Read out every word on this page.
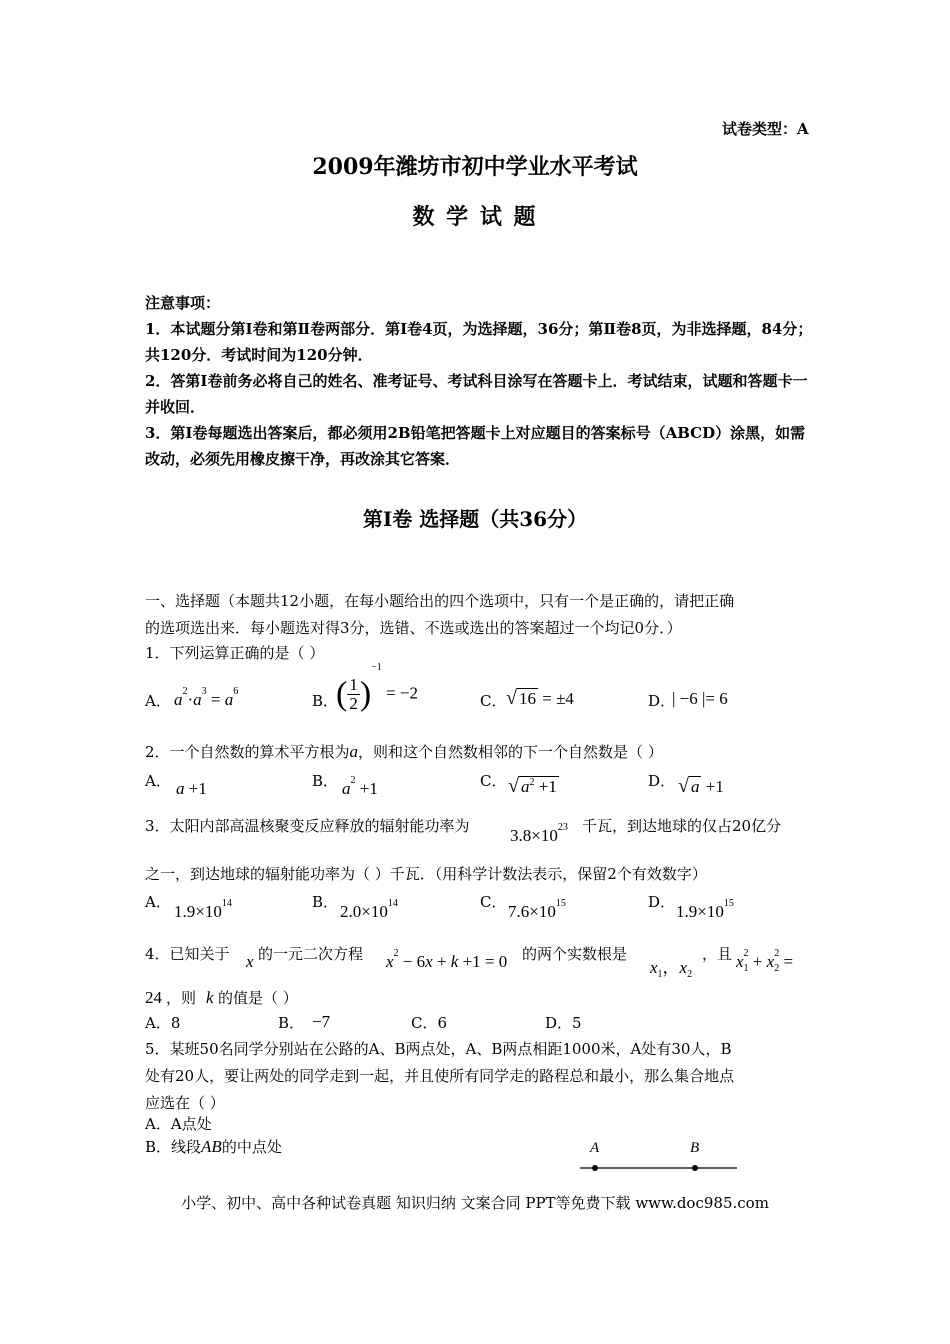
试卷类型：A
2009年潍坊市初中学业水平考试
数 学 试 题
注意事项：
1．本试题分第Ⅰ卷和第Ⅱ卷两部分．第Ⅰ卷4页，为选择题，36分；第Ⅱ卷8页，为非选择题，84分；共120分．考试时间为120分钟．
2．答第Ⅰ卷前务必将自己的姓名、准考证号、考试科目涂写在答题卡上．考试结束，试题和答题卡一并收回．
3．第Ⅰ卷每题选出答案后，都必须用2B铅笔把答题卡上对应题目的答案标号（ABCD）涂黑，如需改动，必须先用橡皮擦干净，再改涂其它答案．
第Ⅰ卷 选择题（共36分）
一、选择题（本题共12小题，在每小题给出的四个选项中，只有一个是正确的，请把正确
的选项选出来．每小题选对得3分，选错、不选或选出的答案超过一个均记0分．）
1．下列运算正确的是（ ）
A． $a^2\cdot a^3 = a^6$
B．
( $\frac{1}{2} )^{-1} = -2$	C． √ 16 = ±4	D．
| −6 |= 6
2．一个自然数的算术平方根为a，则和这个自然数相邻的下一个自然数是（ ）
A． a +1	B． $a^2 +1$	C． √ $a^2 +1$	D． √ a +1
3．太阳内部高温核聚变反应释放的辐射能功率为 $3.8\times 10^{23}$ 千瓦，到达地球的仅占20亿分
之一，到达地球的辐射能功率为（ ）千瓦．（用科学计数法表示，保留2个有效数字）
A． $1.9\times 10^{14}$	B． $2.0\times 10^{14}$	C． $7.6\times 10^{15}$	D． $1.9\times 10^{15}$
4．已知关于 x 的一元二次方程 $x^2 - 6x + k +1 = 0$ 的两个实数根是
$x_1$，$x_2$
，且 $x_1^2 + x_2^2$ =
24 ，则 k 的值是（ ）
A．8	B． −7	C．6	D．5
5．某班50名同学分别站在公路的A、B两点处，A、B两点相距1000米，A处有30人，B
处有20人，要让两处的同学走到一起，并且使所有同学走的路程总和最小，那么集合地点
应选在（ ）
A．A点处
B．线段AB的中点处	A	B
小学、初中、高中各种试卷真题 知识归纳 文案合同 PPT等免费下载 www.doc985.com
